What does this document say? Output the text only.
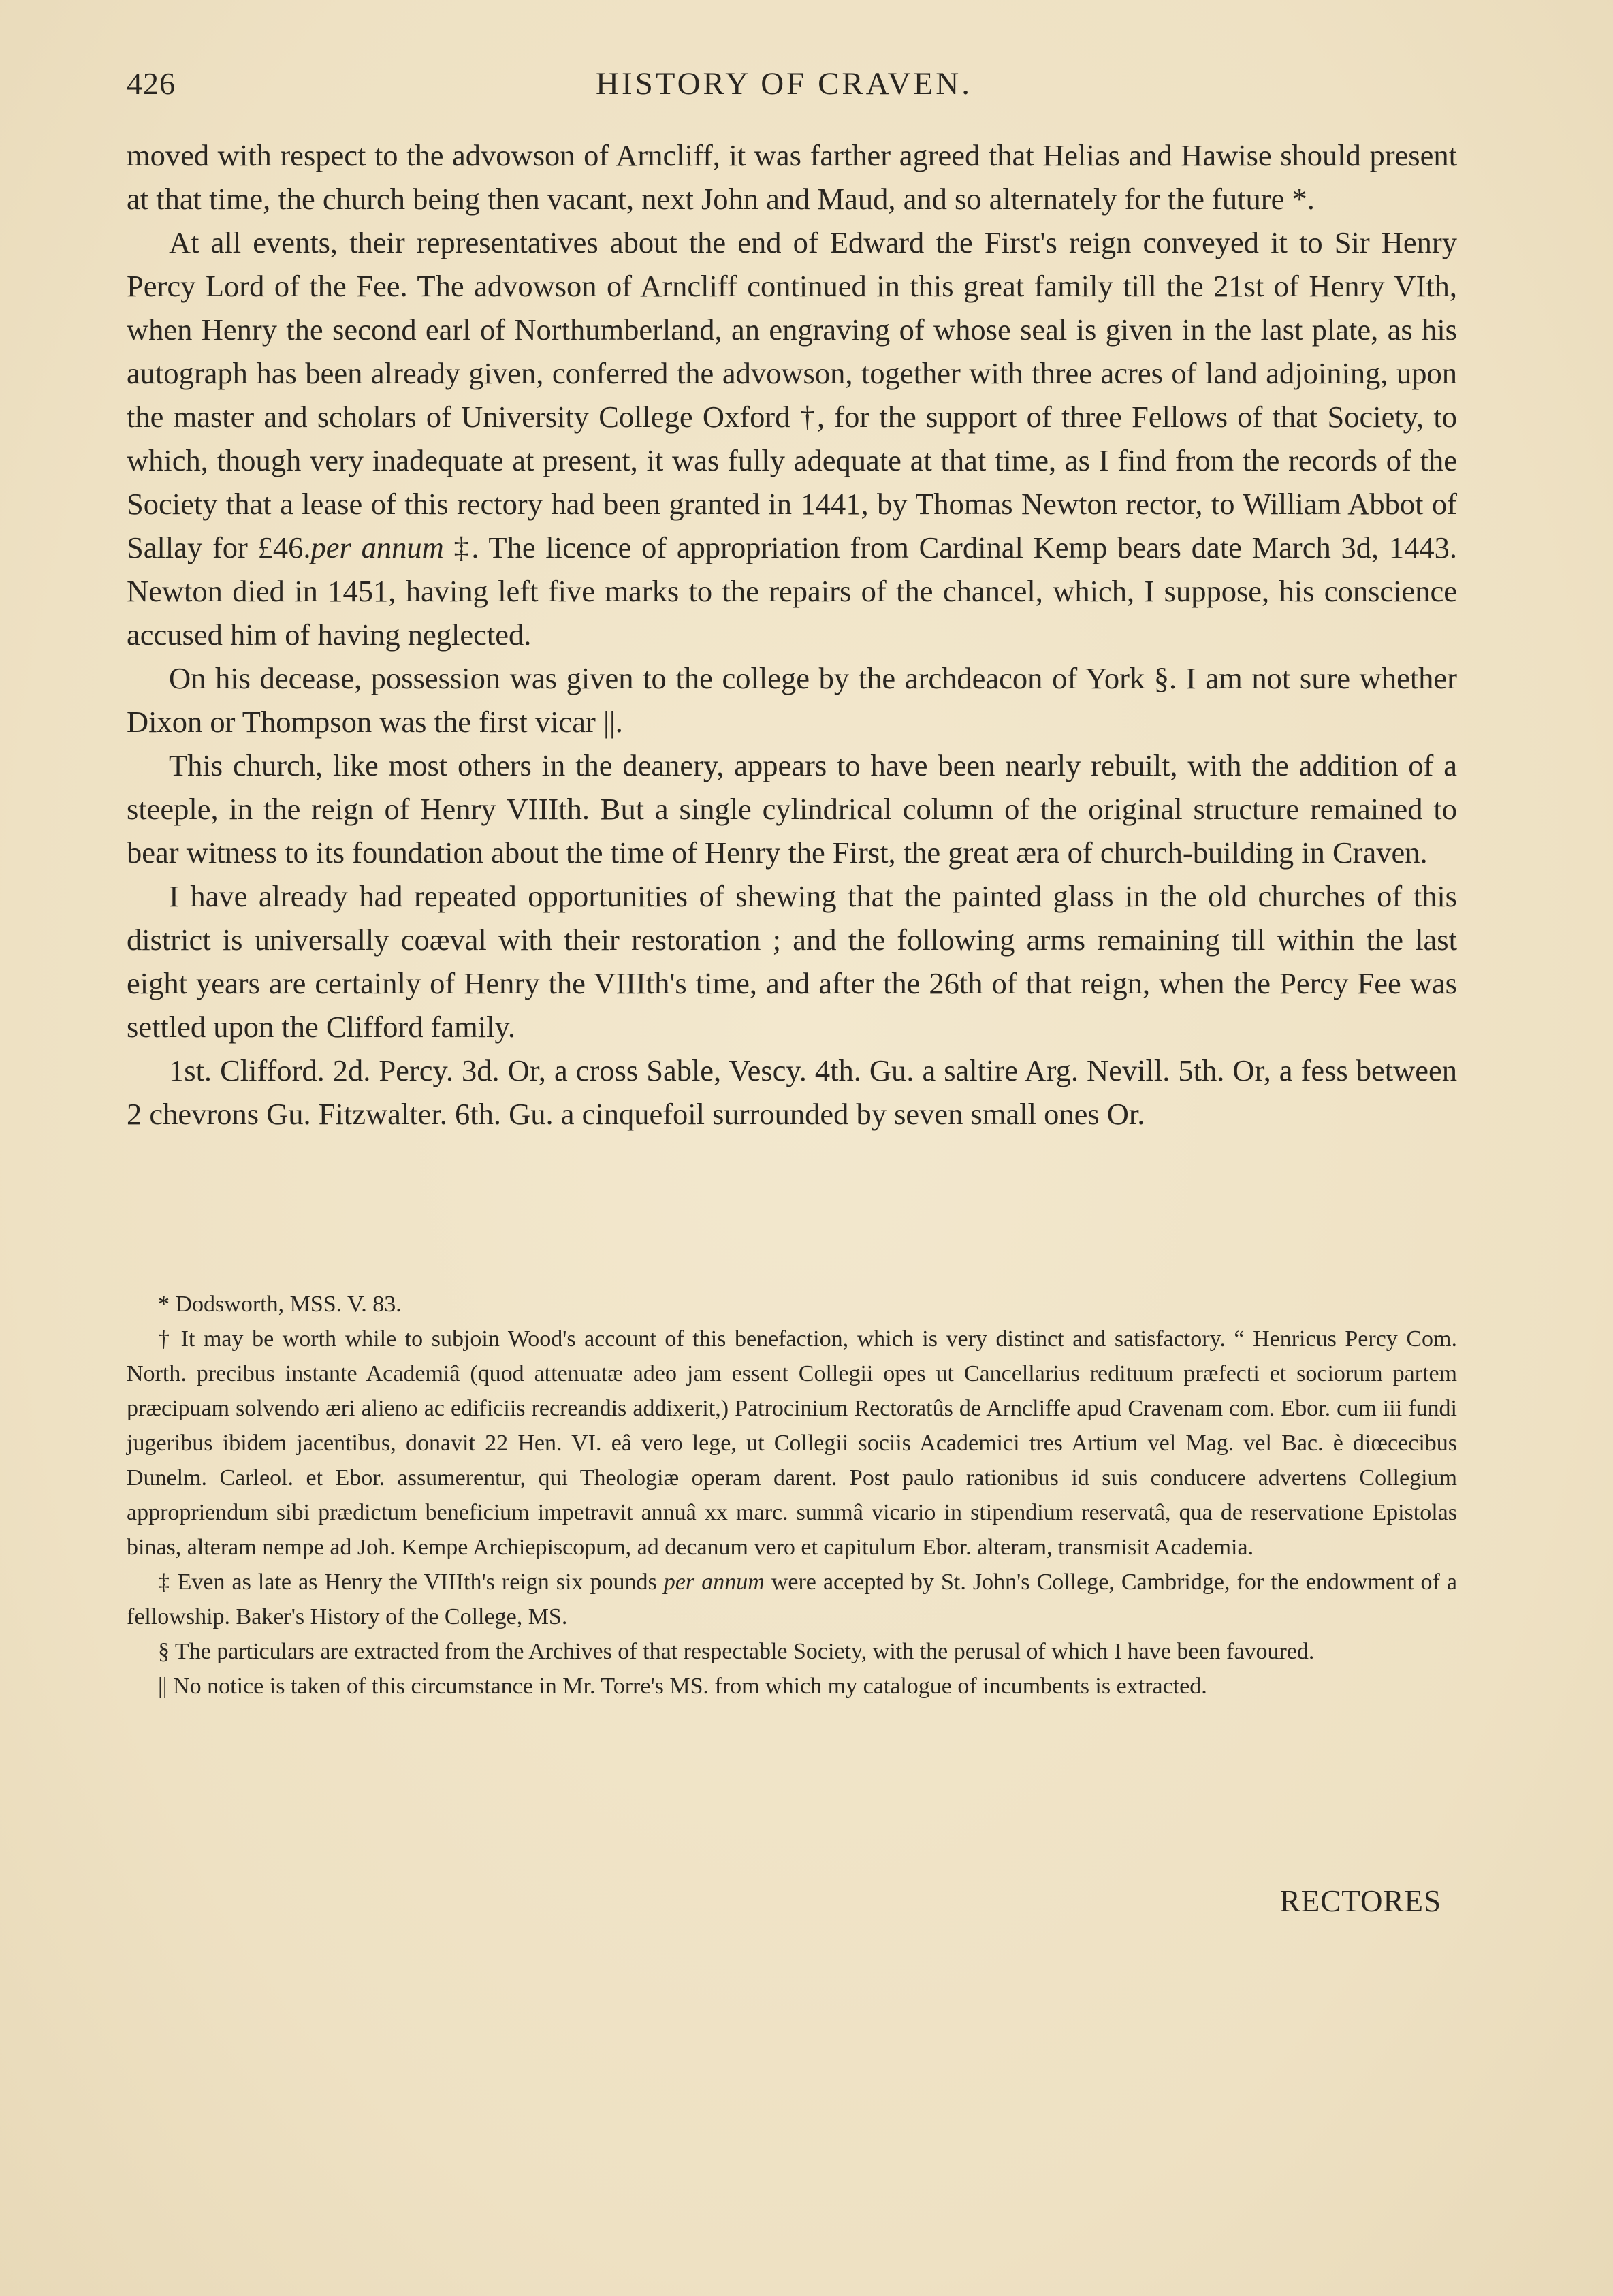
426	HISTORY OF CRAVEN.

moved with respect to the advowson of Arncliff, it was farther agreed that Helias and Hawise should present at that time, the church being then vacant, next John and Maud, and so alternately for the future *.

At all events, their representatives about the end of Edward the First's reign conveyed it to Sir Henry Percy Lord of the Fee. The advowson of Arncliff continued in this great family till the 21st of Henry VIth, when Henry the second earl of Northumberland, an engraving of whose seal is given in the last plate, as his autograph has been already given, conferred the advowson, together with three acres of land adjoining, upon the master and scholars of University College Oxford †, for the support of three Fellows of that Society, to which, though very inadequate at present, it was fully adequate at that time, as I find from the records of the Society that a lease of this rectory had been granted in 1441, by Thomas Newton rector, to William Abbot of Sallay for £46.per annum ‡. The licence of appropriation from Cardinal Kemp bears date March 3d, 1443. Newton died in 1451, having left five marks to the repairs of the chancel, which, I suppose, his conscience accused him of having neglected.

On his decease, possession was given to the college by the archdeacon of York §. I am not sure whether Dixon or Thompson was the first vicar ||.

This church, like most others in the deanery, appears to have been nearly rebuilt, with the addition of a steeple, in the reign of Henry VIIIth. But a single cylindrical column of the original structure remained to bear witness to its foundation about the time of Henry the First, the great æra of church-building in Craven.

I have already had repeated opportunities of shewing that the painted glass in the old churches of this district is universally coæval with their restoration ; and the following arms remaining till within the last eight years are certainly of Henry the VIIIth's time, and after the 26th of that reign, when the Percy Fee was settled upon the Clifford family.

1st. Clifford. 2d. Percy. 3d. Or, a cross Sable, Vescy. 4th. Gu. a saltire Arg. Nevill. 5th. Or, a fess between 2 chevrons Gu. Fitzwalter. 6th. Gu. a cinquefoil surrounded by seven small ones Or.

* Dodsworth, MSS. V. 83.

† It may be worth while to subjoin Wood's account of this benefaction, which is very distinct and satisfactory. “ Henricus Percy Com. North. precibus instante Academiâ (quod attenuatæ adeo jam essent Collegii opes ut Cancellarius redituum præfecti et sociorum partem præcipuam solvendo æri alieno ac edificiis recreandis addixerit,) Patrocinium Rectoratûs de Arncliffe apud Cravenam com. Ebor. cum iii fundi jugeribus ibidem jacentibus, donavit 22 Hen. VI. eâ vero lege, ut Collegii sociis Academici tres Artium vel Mag. vel Bac. è diœcecibus Dunelm. Carleol. et Ebor. assumerentur, qui Theologiæ operam darent. Post paulo rationibus id suis conducere advertens Collegium appropriendum sibi prædictum beneficium impetravit annuâ xx marc. summâ vicario in stipendium reservatâ, qua de reservatione Epistolas binas, alteram nempe ad Joh. Kempe Archiepiscopum, ad decanum vero et capitulum Ebor. alteram, transmisit Academia.

‡ Even as late as Henry the VIIIth's reign six pounds per annum were accepted by St. John's College, Cambridge, for the endowment of a fellowship. Baker's History of the College, MS.

§ The particulars are extracted from the Archives of that respectable Society, with the perusal of which I have been favoured.

|| No notice is taken of this circumstance in Mr. Torre's MS. from which my catalogue of incumbents is extracted.

RECTORES
